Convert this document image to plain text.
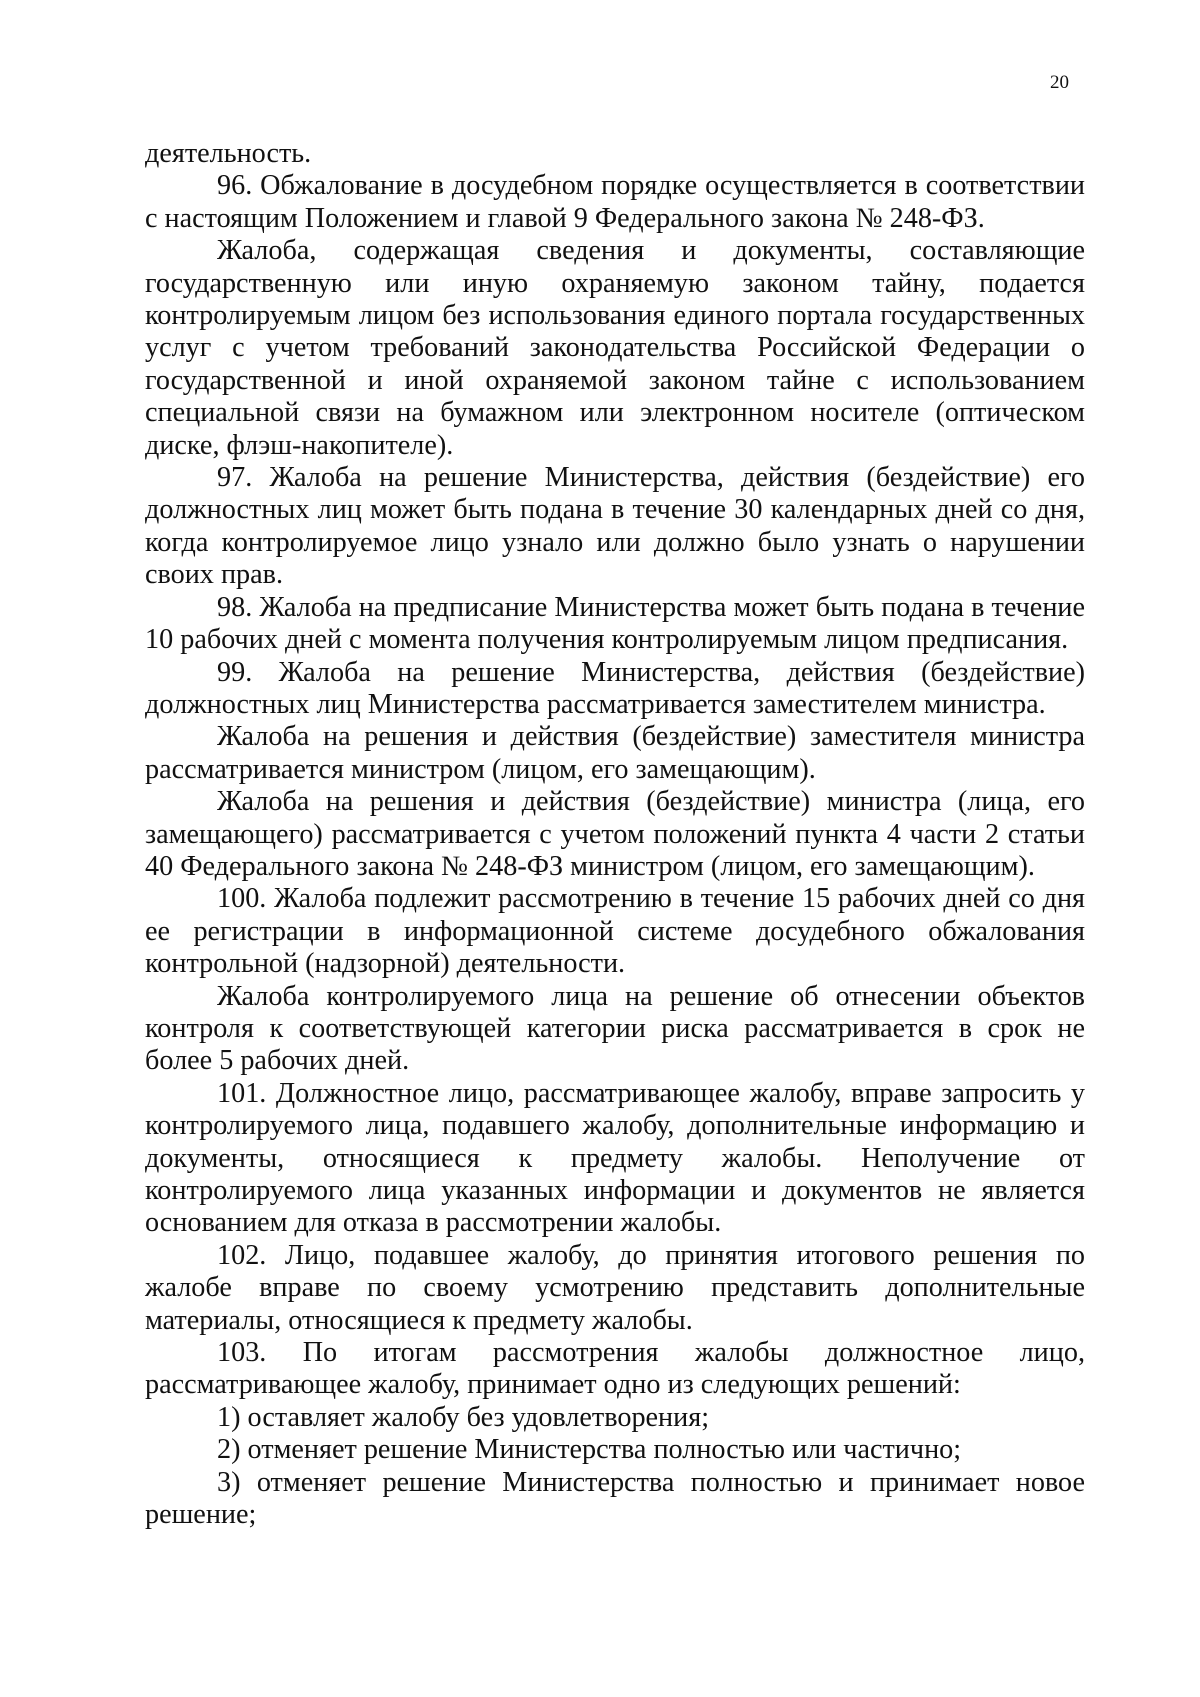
20

деятельность.

96. Обжалование в досудебном порядке осуществляется в соответствии с настоящим Положением и главой 9 Федерального закона № 248-ФЗ.

Жалоба, содержащая сведения и документы, составляющие государственную или иную охраняемую законом тайну, подается контролируемым лицом без использования единого портала государственных услуг с учетом требований законодательства Российской Федерации о государственной и иной охраняемой законом тайне с использованием специальной связи на бумажном или электронном носителе (оптическом диске, флэш-накопителе).

97. Жалоба на решение Министерства, действия (бездействие) его должностных лиц может быть подана в течение 30 календарных дней со дня, когда контролируемое лицо узнало или должно было узнать о нарушении своих прав.

98. Жалоба на предписание Министерства может быть подана в течение 10 рабочих дней с момента получения контролируемым лицом предписания.

99. Жалоба на решение Министерства, действия (бездействие) должностных лиц Министерства рассматривается заместителем министра.

Жалоба на решения и действия (бездействие) заместителя министра рассматривается министром (лицом, его замещающим).

Жалоба на решения и действия (бездействие) министра (лица, его замещающего) рассматривается с учетом положений пункта 4 части 2 статьи 40 Федерального закона № 248-ФЗ министром (лицом, его замещающим).

100. Жалоба подлежит рассмотрению в течение 15 рабочих дней со дня ее регистрации в информационной системе досудебного обжалования контрольной (надзорной) деятельности.

Жалоба контролируемого лица на решение об отнесении объектов контроля к соответствующей категории риска рассматривается в срок не более 5 рабочих дней.

101. Должностное лицо, рассматривающее жалобу, вправе запросить у контролируемого лица, подавшего жалобу, дополнительные информацию и документы, относящиеся к предмету жалобы. Неполучение от контролируемого лица указанных информации и документов не является основанием для отказа в рассмотрении жалобы.

102. Лицо, подавшее жалобу, до принятия итогового решения по жалобе вправе по своему усмотрению представить дополнительные материалы, относящиеся к предмету жалобы.

103. По итогам рассмотрения жалобы должностное лицо, рассматривающее жалобу, принимает одно из следующих решений:

1) оставляет жалобу без удовлетворения;

2) отменяет решение Министерства полностью или частично;

3) отменяет решение Министерства полностью и принимает новое решение;
